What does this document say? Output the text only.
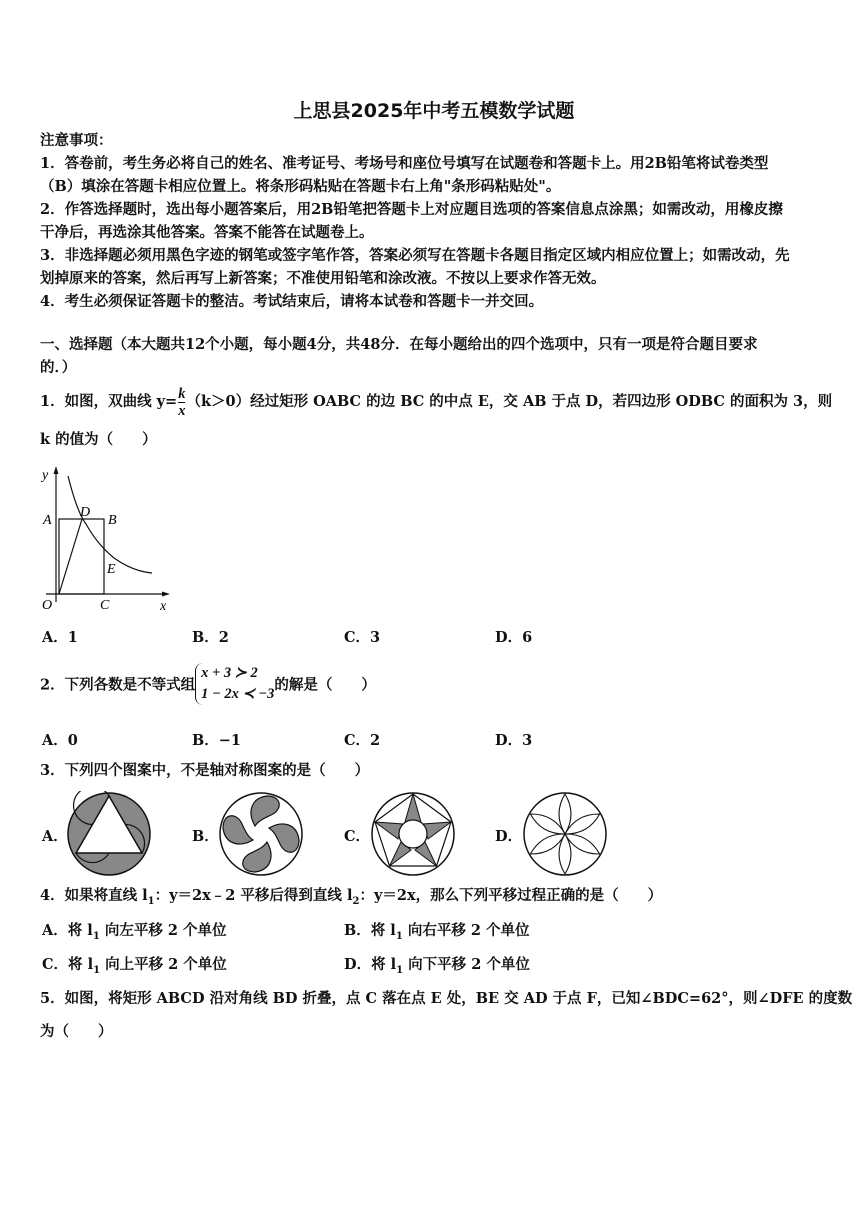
上思县2025年中考五模数学试题
注意事项：
1．答卷前，考生务必将自己的姓名、准考证号、考场号和座位号填写在试题卷和答题卡上。用2B铅笔将试卷类型
（B）填涂在答题卡相应位置上。将条形码粘贴在答题卡右上角"条形码粘贴处"。
2．作答选择题时，选出每小题答案后，用2B铅笔把答题卡上对应题目选项的答案信息点涂黑；如需改动，用橡皮擦
干净后，再选涂其他答案。答案不能答在试题卷上。
3．非选择题必须用黑色字迹的钢笔或签字笔作答，答案必须写在答题卡各题目指定区域内相应位置上；如需改动，先
划掉原来的答案，然后再写上新答案；不准使用铅笔和涂改液。不按以上要求作答无效。
4．考生必须保证答题卡的整洁。考试结束后，请将本试卷和答题卡一并交回。
一、选择题（本大题共12个小题，每小题4分，共48分．在每小题给出的四个选项中，只有一项是符合题目要求
的．）
1．如图，双曲线 $y= \frac{k}{x} (k>0)$经过矩形 OABC 的边 BC 的中点 E，交 AB 于点 D，若四边形 ODBC 的面积为 3，则
k 的值为（　　）
y
x
O
A	B
C
D
E
A．1	B．2	C．3	D．6
2．下列各数是不等式组
x + 3 ≻ 2
1 − 2x ≺ −3
的解是（　　）
A．0	B．−1	C．2	D．3
3．下列四个图案中，不是轴对称图案的是（　　）
A．	B．	C．	D．
4．如果将直线 $l_1$：y＝2x﹣2 平移后得到直线 $l_2$：y＝2x，那么下列平移过程正确的是（　　）
A．将 $l_1$ 向左平移 2 个单位	B．将 $l_1$ 向右平移 2 个单位
C．将 $l_1$ 向上平移 2 个单位	D．将 $l_1$ 向下平移 2 个单位
5．如图，将矩形 ABCD 沿对角线 BD 折叠，点 C 落在点 E 处，BE 交 AD 于点 F，已知∠BDC=62°，则∠DFE 的度数
为（　　）
